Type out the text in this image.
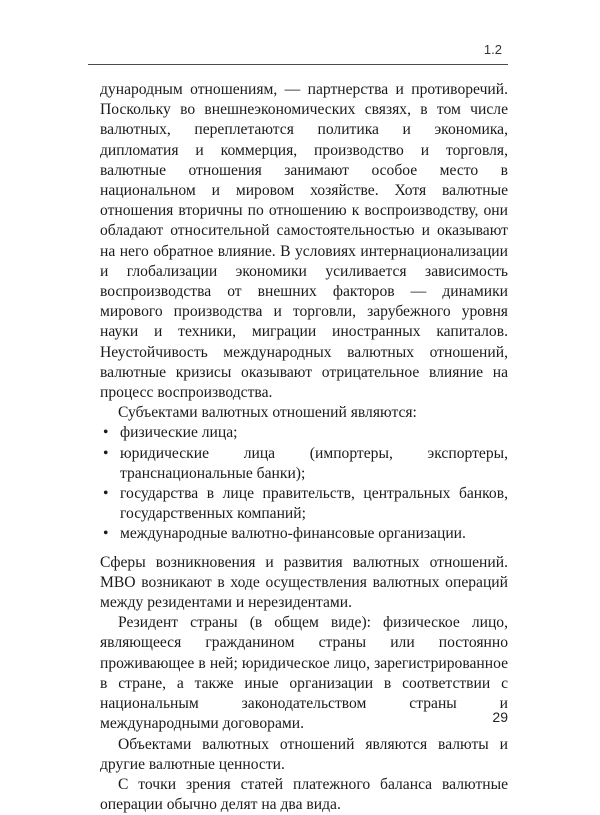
1.2

дународным отношениям, — партнерства и противоречий. Поскольку во внешнеэкономических связях, в том числе валютных, переплетаются политика и экономика, дипломатия и коммерция, производство и торговля, валютные отношения занимают особое место в национальном и мировом хозяйстве. Хотя валютные отношения вторичны по отношению к воспроизводству, они обладают относительной самостоятельностью и оказывают на него обратное влияние. В условиях интернационализации и глобализации экономики усиливается зависимость воспроизводства от внешних факторов — динамики мирового производства и торговли, зарубежного уровня науки и техники, миграции иностранных капиталов. Неустойчивость международных валютных отношений, валютные кризисы оказывают отрицательное влияние на процесс воспроизводства.

Субъектами валютных отношений являются:

• физические лица;
• юридические лица (импортеры, экспортеры, транснациональные банки);
• государства в лице правительств, центральных банков, государственных компаний;
• международные валютно-финансовые организации.

Сферы возникновения и развития валютных отношений. МВО возникают в ходе осуществления валютных операций между резидентами и нерезидентами.

Резидент страны (в общем виде): физическое лицо, являющееся гражданином страны или постоянно проживающее в ней; юридическое лицо, зарегистрированное в стране, а также иные организации в соответствии с национальным законодательством страны и международными договорами.

Объектами валютных отношений являются валюты и другие валютные ценности.

С точки зрения статей платежного баланса валютные операции обычно делят на два вида.

29
